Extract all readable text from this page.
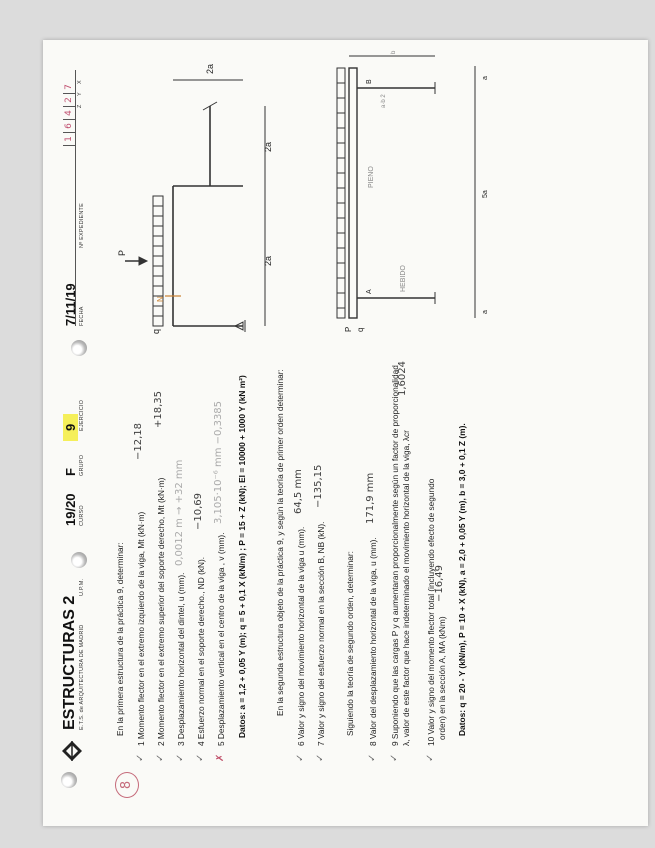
ESTRUCTURAS 2 E.T.S. de ARQUITECTURA DE MADRID
U.P.M.
19/20 CURSO
F GRUPO
9 EJERCICIO
7/11/19 FECHA
Nº EXPEDIENTE
1
6
4
2
7
Z
Y
X
8
En la primera estructura de la práctica 9, determinar:
✓
1 Momento flector en el extremo izquierdo de la viga, Mt (kN·m)
−12,18
✓
2 Momento flector en el extremo superior del soporte derecho, Mt (kN·m)
+18,35
✓
3 Desplazamiento horizontal del dintel, u (mm).
0,0012 m → +32 mm
✓
4 Esfuerzo normal en el soporte derecho., ND (kN).
−10,69
✗
5 Desplazamiento vertical en el centro de la viga , v (mm).
3,105·10⁻⁶ mm −0,3385 Datos: a = 1,2 + 0,05 Y (m); q = 5 + 0,1 X (kN/m) ; P = 15 + Z (kN); EI = 10000 + 1000 Y (kN m²)	En la segunda estructura objeto de la práctica 9, y según la teoría de primer orden determinar:
✓
6 Valor y signo del movimiento horizontal de la viga u (mm).
64,5 mm
✓
7 Valor y signo del esfuerzo normal en la sección B, NB (kN).
−135,15
Siguiendo la teoría de segundo orden, determinar:
✓
8 Valor del desplazamiento horizontal de la viga, u (mm).
171,9 mm
✓
9 Suponiendo que las cargas P y q aumentaran proporcionalmente según un factor de proporcionalidad λ, valor de este factor que hace indeterminado el movimiento horizontal de la viga, λcr
1,6024
✓
10 Valor y signo del momento flector total (incluyendo efecto de segundo orden) en la sección A, MA (kNm)
−16,49 Datos: q = 20 - Y (kN/m), P = 10 + X (kN), a = 2,0 + 0,05 Y (m), b = 3,0 + 0,1 Z (m).
q
P
N
2a
2a
2a
P q
A
B
HEBIDO
PIENO
a
5a
a
a·b 2
b
